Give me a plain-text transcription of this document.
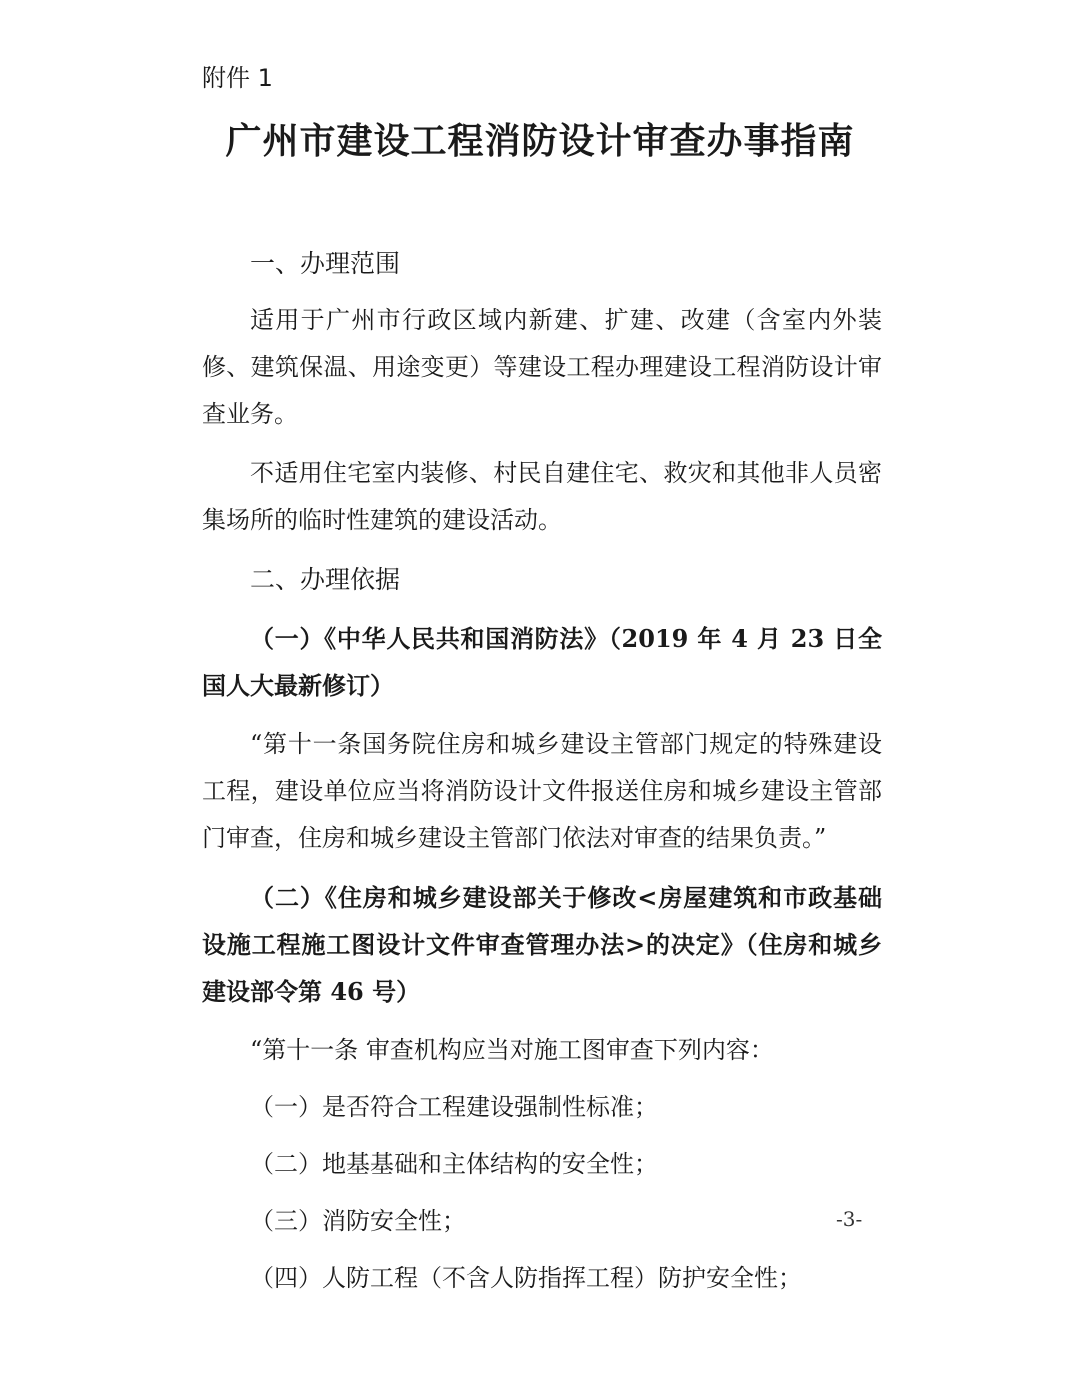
附件 1
广州市建设工程消防设计审查办事指南

一、办理范围

适用于广州市行政区域内新建、扩建、改建（含室内外装修、建筑保温、用途变更）等建设工程办理建设工程消防设计审查业务。

不适用住宅室内装修、村民自建住宅、救灾和其他非人员密集场所的临时性建筑的建设活动。

二、办理依据

（一）《中华人民共和国消防法》（2019 年 4 月 23 日全国人大最新修订）

“第十一条国务院住房和城乡建设主管部门规定的特殊建设工程，建设单位应当将消防设计文件报送住房和城乡建设主管部门审查，住房和城乡建设主管部门依法对审查的结果负责。”

（二）《住房和城乡建设部关于修改<房屋建筑和市政基础设施工程施工图设计文件审查管理办法>的决定》（住房和城乡建设部令第 46 号）

“第十一条 审查机构应当对施工图审查下列内容：

（一）是否符合工程建设强制性标准；

（二）地基基础和主体结构的安全性；

（三）消防安全性；

（四）人防工程（不含人防指挥工程）防护安全性；

-3-
